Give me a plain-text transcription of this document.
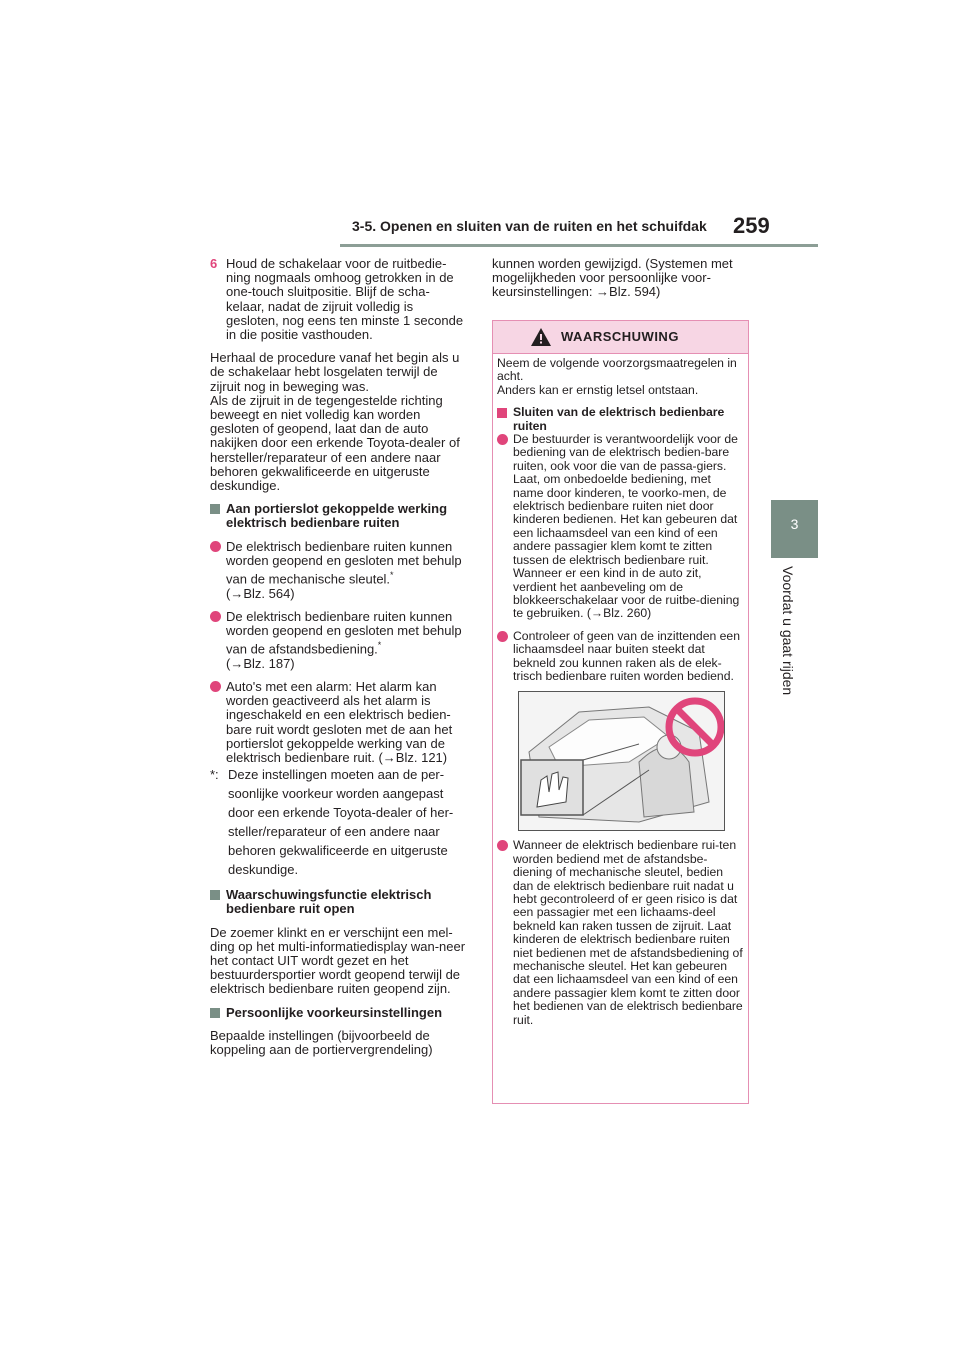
3-5. Openen en sluiten van de ruiten en het schuifdak 259
3
Voordat u gaat rijden

6 Houd de schakelaar voor de ruitbedie-ning nogmaals omhoog getrokken in de one-touch sluitpositie. Blijf de scha-kelaar, nadat de zijruit volledig is gesloten, nog eens ten minste 1 seconde in die positie vasthouden.

Herhaal de procedure vanaf het begin als u de schakelaar hebt losgelaten terwijl de zijruit nog in beweging was.

Als de zijruit in de tegengestelde richting beweegt en niet volledig kan worden gesloten of geopend, laat dan de auto nakijken door een erkende Toyota-dealer of hersteller/reparateur of een andere naar behoren gekwalificeerde en uitgeruste deskundige.

Aan portierslot gekoppelde werking elektrisch bedienbare ruiten

De elektrisch bedienbare ruiten kunnen worden geopend en gesloten met behulp van de mechanische sleutel.*
(→Blz. 564)

De elektrisch bedienbare ruiten kunnen worden geopend en gesloten met behulp van de afstandsbediening.*
(→Blz. 187)

Auto's met een alarm: Het alarm kan worden geactiveerd als het alarm is ingeschakeld en een elektrisch bedien-bare ruit wordt gesloten met de aan het portierslot gekoppelde werking van de elektrisch bedienbare ruit. (→Blz. 121)

*: Deze instellingen moeten aan de per-soonlijke voorkeur worden aangepast door een erkende Toyota-dealer of her-steller/reparateur of een andere naar behoren gekwalificeerde en uitgeruste deskundige.

Waarschuwingsfunctie elektrisch bedienbare ruit open

De zoemer klinkt en er verschijnt een mel-ding op het multi-informatiedisplay wan-neer het contact UIT wordt gezet en het bestuurdersportier wordt geopend terwijl de elektrisch bedienbare ruiten geopend zijn.

Persoonlijke voorkeursinstellingen

Bepaalde instellingen (bijvoorbeeld de koppeling aan de portiervergrendeling)

kunnen worden gewijzigd. (Systemen met mogelijkheden voor persoonlijke voor-keursinstellingen: →Blz. 594)

WAARSCHUWING

Neem de volgende voorzorgsmaatregelen in acht.

Anders kan er ernstig letsel ontstaan.

Sluiten van de elektrisch bedienbare ruiten

De bestuurder is verantwoordelijk voor de bediening van de elektrisch bedien-bare ruiten, ook voor die van de passa-giers. Laat, om onbedoelde bediening, met name door kinderen, te voorko-men, de elektrisch bedienbare ruiten niet door kinderen bedienen. Het kan gebeuren dat een lichaamsdeel van een kind of een andere passagier klem komt te zitten tussen de elektrisch bedienbare ruit. Wanneer er een kind in de auto zit, verdient het aanbeveling om de blokkeerschakelaar voor de ruitbe-diening te gebruiken. (→Blz. 260)

Controleer of geen van de inzittenden een lichaamsdeel naar buiten steekt dat bekneld zou kunnen raken als de elek-trisch bedienbare ruiten worden bediend.

Wanneer de elektrisch bedienbare rui-ten worden bediend met de afstandsbe-diening of mechanische sleutel, bedien dan de elektrisch bedienbare ruit nadat u hebt gecontroleerd of er geen risico is dat een passagier met een lichaams-deel bekneld kan raken tussen de zijruit. Laat kinderen de elektrisch bedienbare ruiten niet bedienen met de afstandsbediening of mechanische sleutel. Het kan gebeuren dat een lichaamsdeel van een kind of een andere passagier klem komt te zitten door het bedienen van de elektrisch bedienbare ruit.
